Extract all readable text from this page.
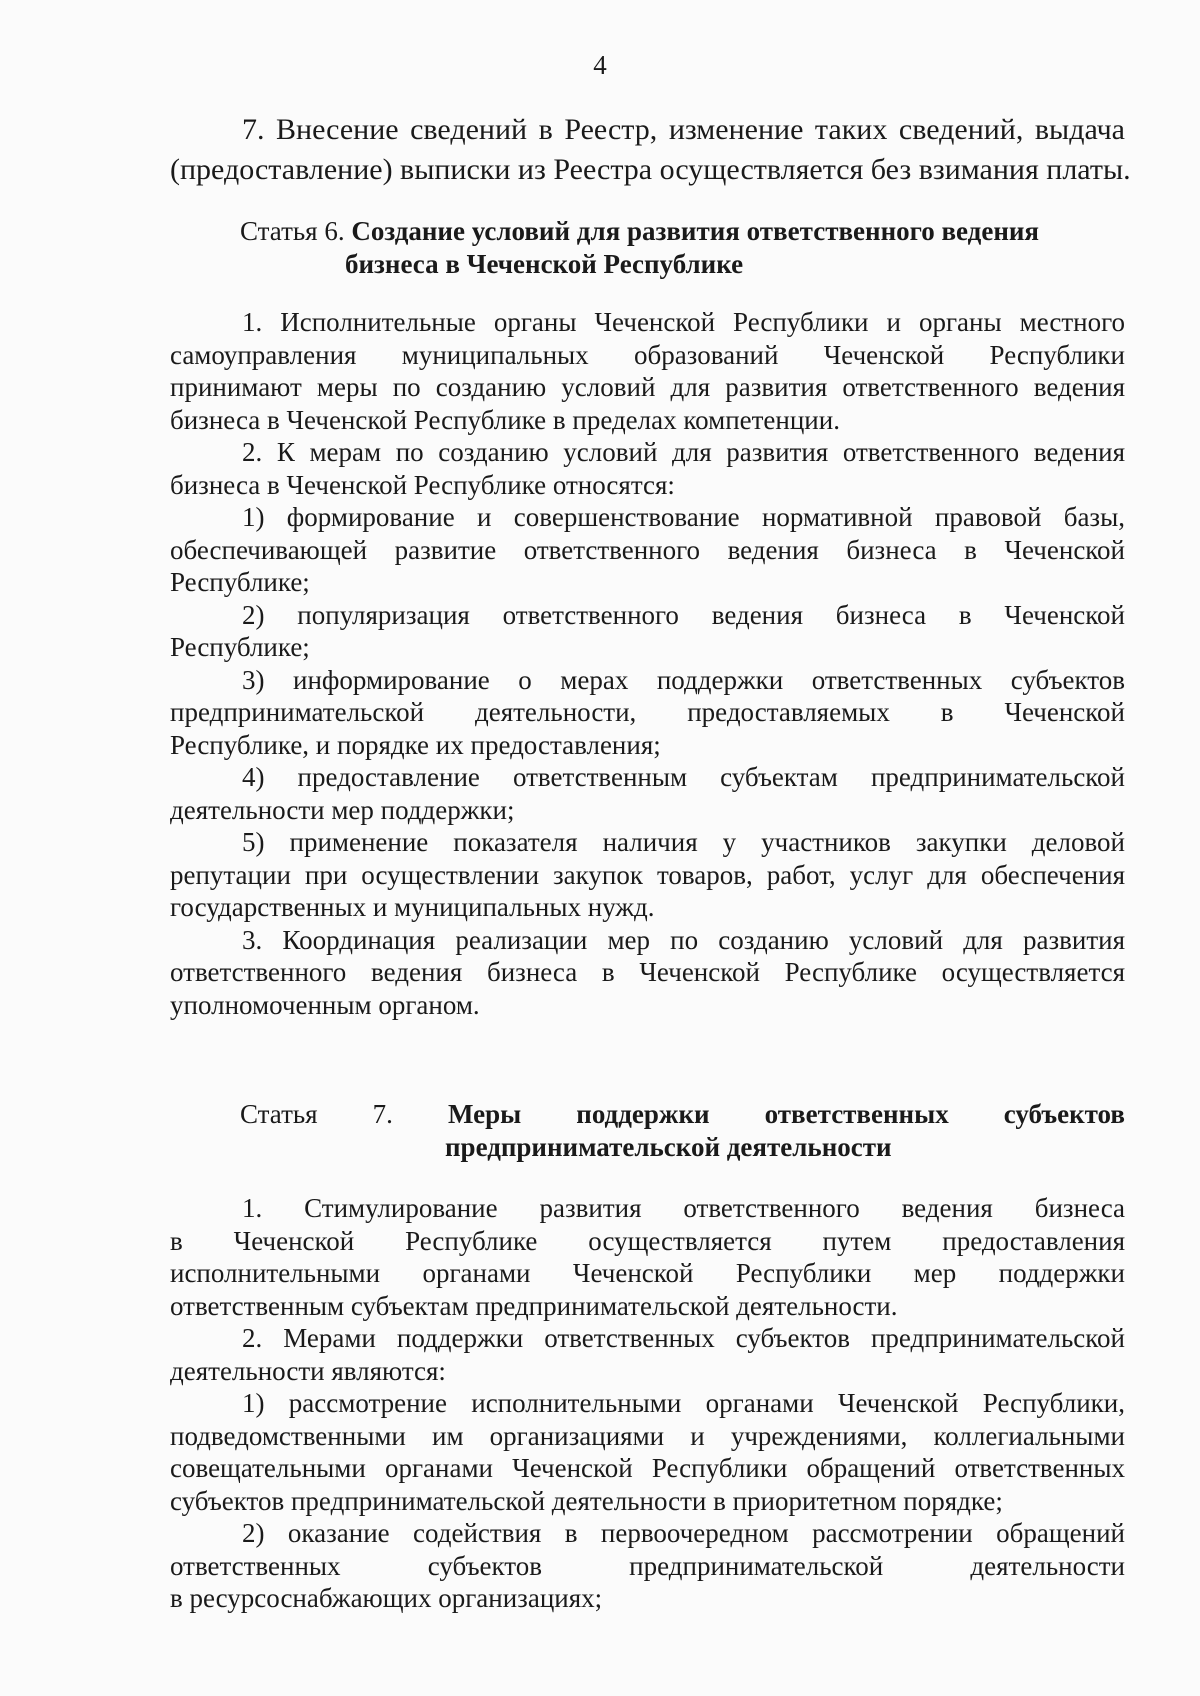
4
7. Внесение сведений в Реестр, изменение таких сведений, выдача
(предоставление) выписки из Реестра осуществляется без взимания платы.
Статья 6. Создание условий для развития ответственного ведения
бизнеса в Чеченской Республике
1. Исполнительные органы Чеченской Республики и органы местного
самоуправления муниципальных образований Чеченской Республики
принимают меры по созданию условий для развития ответственного ведения
бизнеса в Чеченской Республике в пределах компетенции.
2. К мерам по созданию условий для развития ответственного ведения
бизнеса в Чеченской Республике относятся:
1) формирование и совершенствование нормативной правовой базы,
обеспечивающей развитие ответственного ведения бизнеса в Чеченской
Республике;
2) популяризация ответственного ведения бизнеса в Чеченской
Республике;
3) информирование о мерах поддержки ответственных субъектов
предпринимательской деятельности, предоставляемых в Чеченской
Республике, и порядке их предоставления;
4) предоставление ответственным субъектам предпринимательской
деятельности мер поддержки;
5) применение показателя наличия у участников закупки деловой
репутации при осуществлении закупок товаров, работ, услуг для обеспечения
государственных и муниципальных нужд.
3. Координация реализации мер по созданию условий для развития
ответственного ведения бизнеса в Чеченской Республике осуществляется
уполномоченным органом.
Статья 7. Меры поддержки ответственных субъектов
предпринимательской деятельности
1. Стимулирование развития ответственного ведения бизнеса
в Чеченской Республике осуществляется путем предоставления
исполнительными органами Чеченской Республики мер поддержки
ответственным субъектам предпринимательской деятельности.
2. Мерами поддержки ответственных субъектов предпринимательской
деятельности являются:
1) рассмотрение исполнительными органами Чеченской Республики,
подведомственными им организациями и учреждениями, коллегиальными
совещательными органами Чеченской Республики обращений ответственных
субъектов предпринимательской деятельности в приоритетном порядке;
2) оказание содействия в первоочередном рассмотрении обращений
ответственных субъектов предпринимательской деятельности
в ресурсоснабжающих организациях;
